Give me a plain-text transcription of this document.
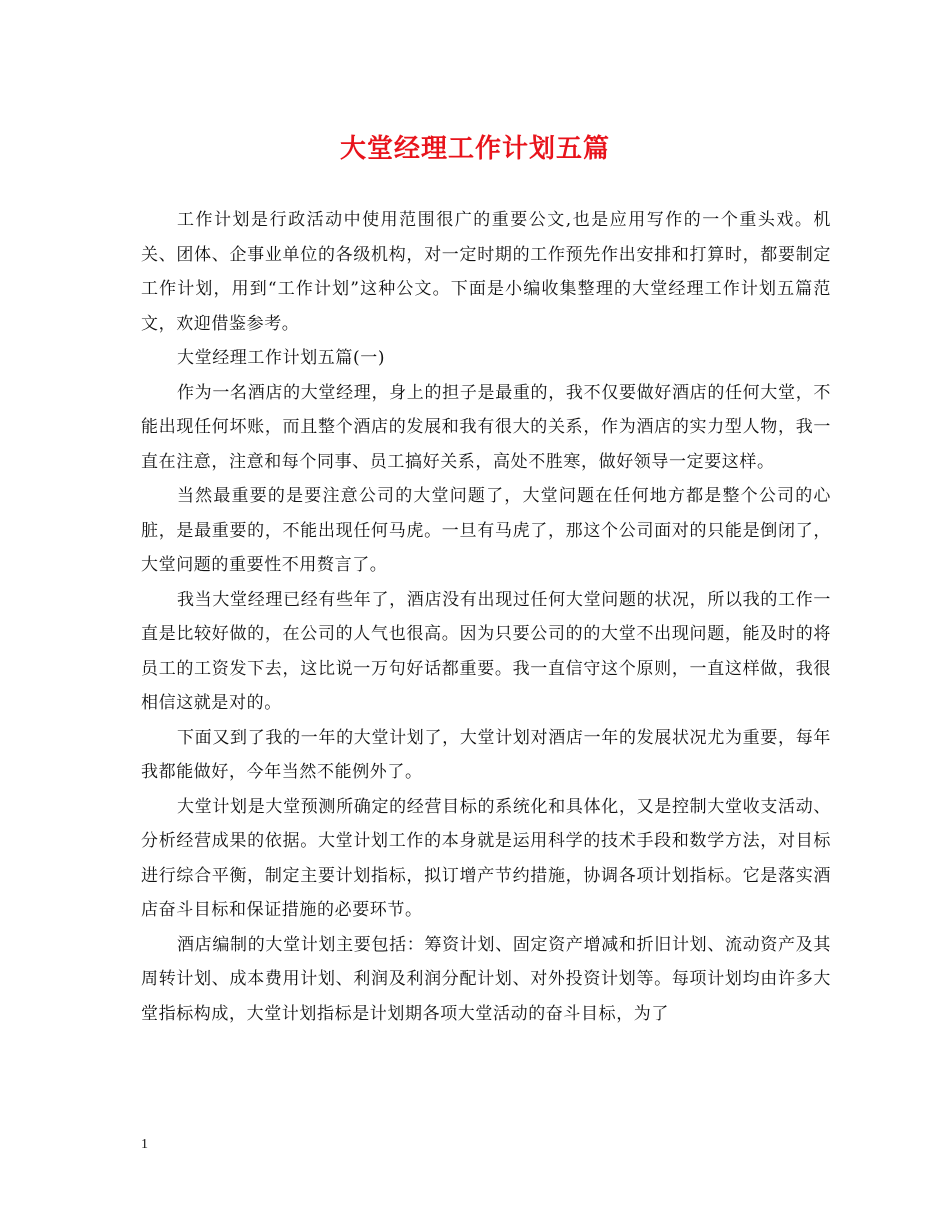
大堂经理工作计划五篇

工作计划是行政活动中使用范围很广的重要公文,也是应用写作的一个重头戏。机关、团体、企事业单位的各级机构，对一定时期的工作预先作出安排和打算时，都要制定工作计划，用到“工作计划”这种公文。下面是小编收集整理的大堂经理工作计划五篇范文，欢迎借鉴参考。

大堂经理工作计划五篇(一)

作为一名酒店的大堂经理，身上的担子是最重的，我不仅要做好酒店的任何大堂，不能出现任何坏账，而且整个酒店的发展和我有很大的关系，作为酒店的实力型人物，我一直在注意，注意和每个同事、员工搞好关系，高处不胜寒，做好领导一定要这样。

当然最重要的是要注意公司的大堂问题了，大堂问题在任何地方都是整个公司的心脏，是最重要的，不能出现任何马虎。一旦有马虎了，那这个公司面对的只能是倒闭了，大堂问题的重要性不用赘言了。

我当大堂经理已经有些年了，酒店没有出现过任何大堂问题的状况，所以我的工作一直是比较好做的，在公司的人气也很高。因为只要公司的的大堂不出现问题，能及时的将员工的工资发下去，这比说一万句好话都重要。我一直信守这个原则，一直这样做，我很相信这就是对的。

下面又到了我的一年的大堂计划了，大堂计划对酒店一年的发展状况尤为重要，每年我都能做好，今年当然不能例外了。

大堂计划是大堂预测所确定的经营目标的系统化和具体化，又是控制大堂收支活动、分析经营成果的依据。大堂计划工作的本身就是运用科学的技术手段和数学方法，对目标进行综合平衡，制定主要计划指标，拟订增产节约措施，协调各项计划指标。它是落实酒店奋斗目标和保证措施的必要环节。

酒店编制的大堂计划主要包括：筹资计划、固定资产增减和折旧计划、流动资产及其周转计划、成本费用计划、利润及利润分配计划、对外投资计划等。每项计划均由许多大堂指标构成，大堂计划指标是计划期各项大堂活动的奋斗目标，为了

1
